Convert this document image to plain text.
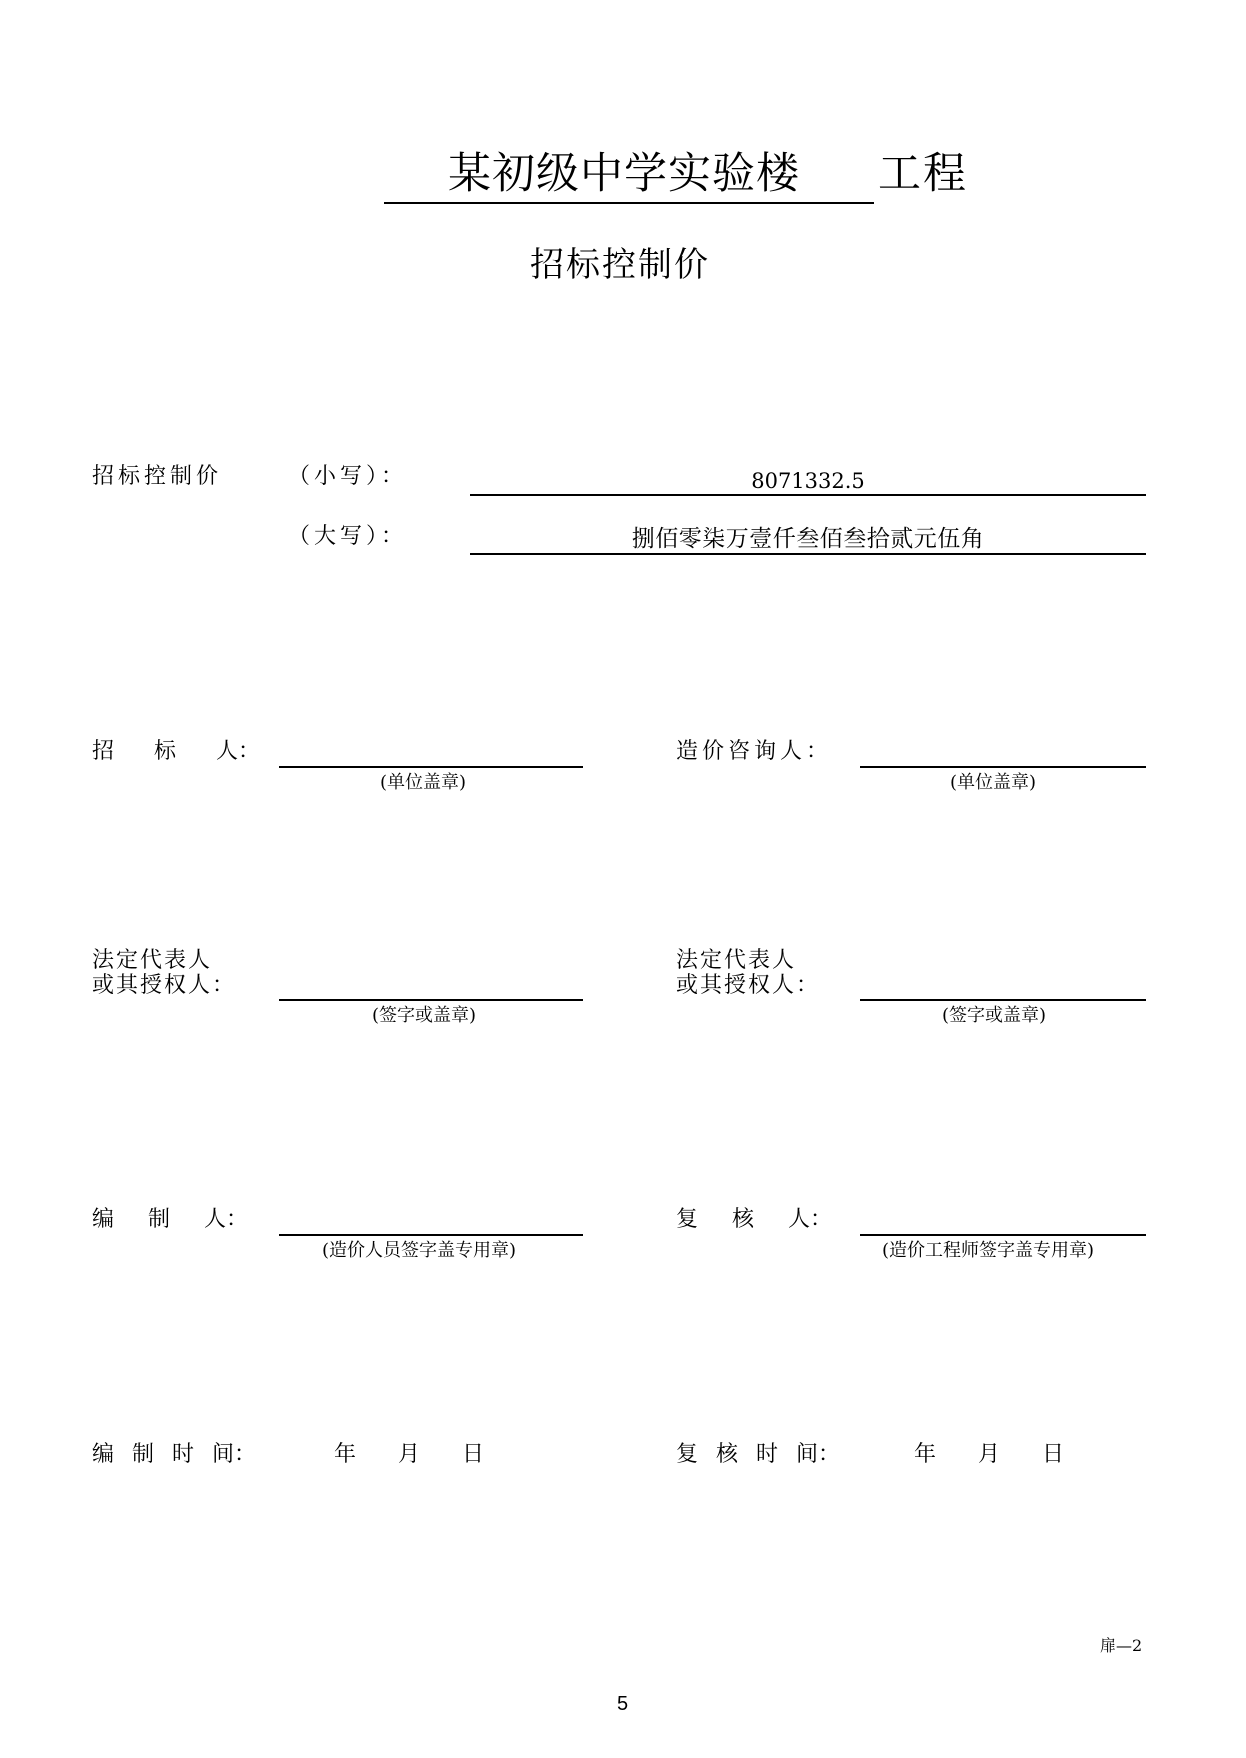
某初级中学实验楼 工程
招标控制价
招标控制价	（小写）：	8071332.5
（大写）：	捌佰零柒万壹仟叁佰叁拾贰元伍角
招 标 人：
(单位盖章)
造价咨询人：
(单位盖章)
法定代表人
或其授权人：
(签字或盖章)
法定代表人
或其授权人：
(签字或盖章)
编 制 人：
(造价人员签字盖专用章)
复 核 人：
(造价工程师签字盖专用章)
编 制 时 间：	年 月 日	复 核 时 间：	年 月 日
扉—2
5
